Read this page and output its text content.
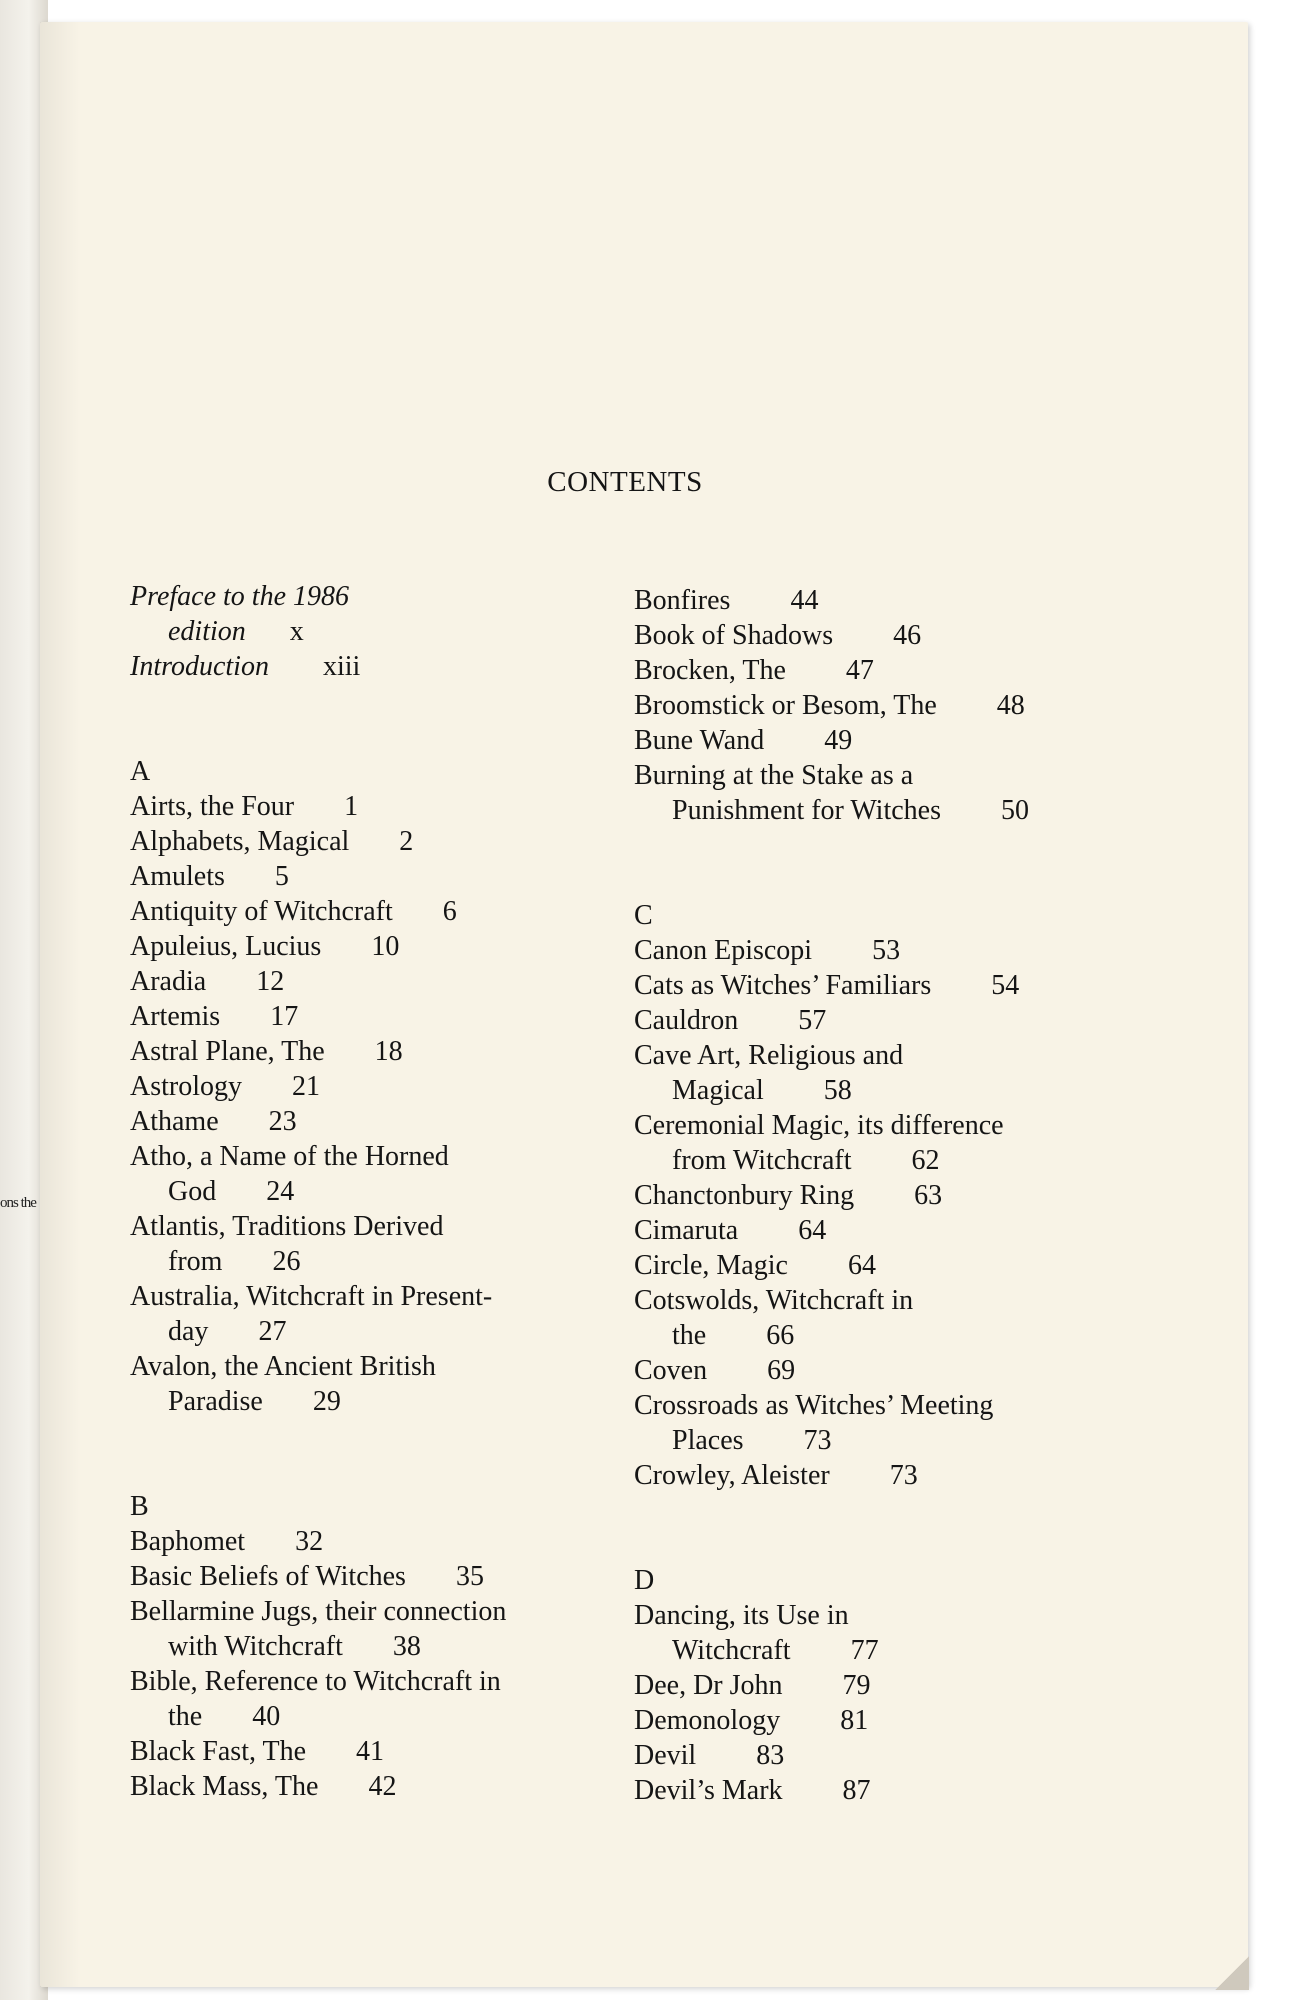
ons the
CONTENTS
Preface to the 1986
edition x
Introduction xiii
A
Airts, the Four 1
Alphabets, Magical 2
Amulets 5
Antiquity of Witchcraft 6
Apuleius, Lucius 10
Aradia 12
Artemis 17
Astral Plane, The 18
Astrology 21
Athame 23
Atho, a Name of the Horned
God 24
Atlantis, Traditions Derived
from 26
Australia, Witchcraft in Present-
day 27
Avalon, the Ancient British
Paradise 29
B
Baphomet 32
Basic Beliefs of Witches 35
Bellarmine Jugs, their connection
with Witchcraft 38
Bible, Reference to Witchcraft in
the 40
Black Fast, The 41
Black Mass, The 42
Bonfires 44
Book of Shadows 46
Brocken, The 47
Broomstick or Besom, The 48
Bune Wand 49
Burning at the Stake as a
Punishment for Witches 50
C
Canon Episcopi 53
Cats as Witches’ Familiars 54
Cauldron 57
Cave Art, Religious and
Magical 58
Ceremonial Magic, its difference
from Witchcraft 62
Chanctonbury Ring 63
Cimaruta 64
Circle, Magic 64
Cotswolds, Witchcraft in
the 66
Coven 69
Crossroads as Witches’ Meeting
Places 73
Crowley, Aleister 73
D
Dancing, its Use in
Witchcraft 77
Dee, Dr John 79
Demonology 81
Devil 83
Devil’s Mark 87
